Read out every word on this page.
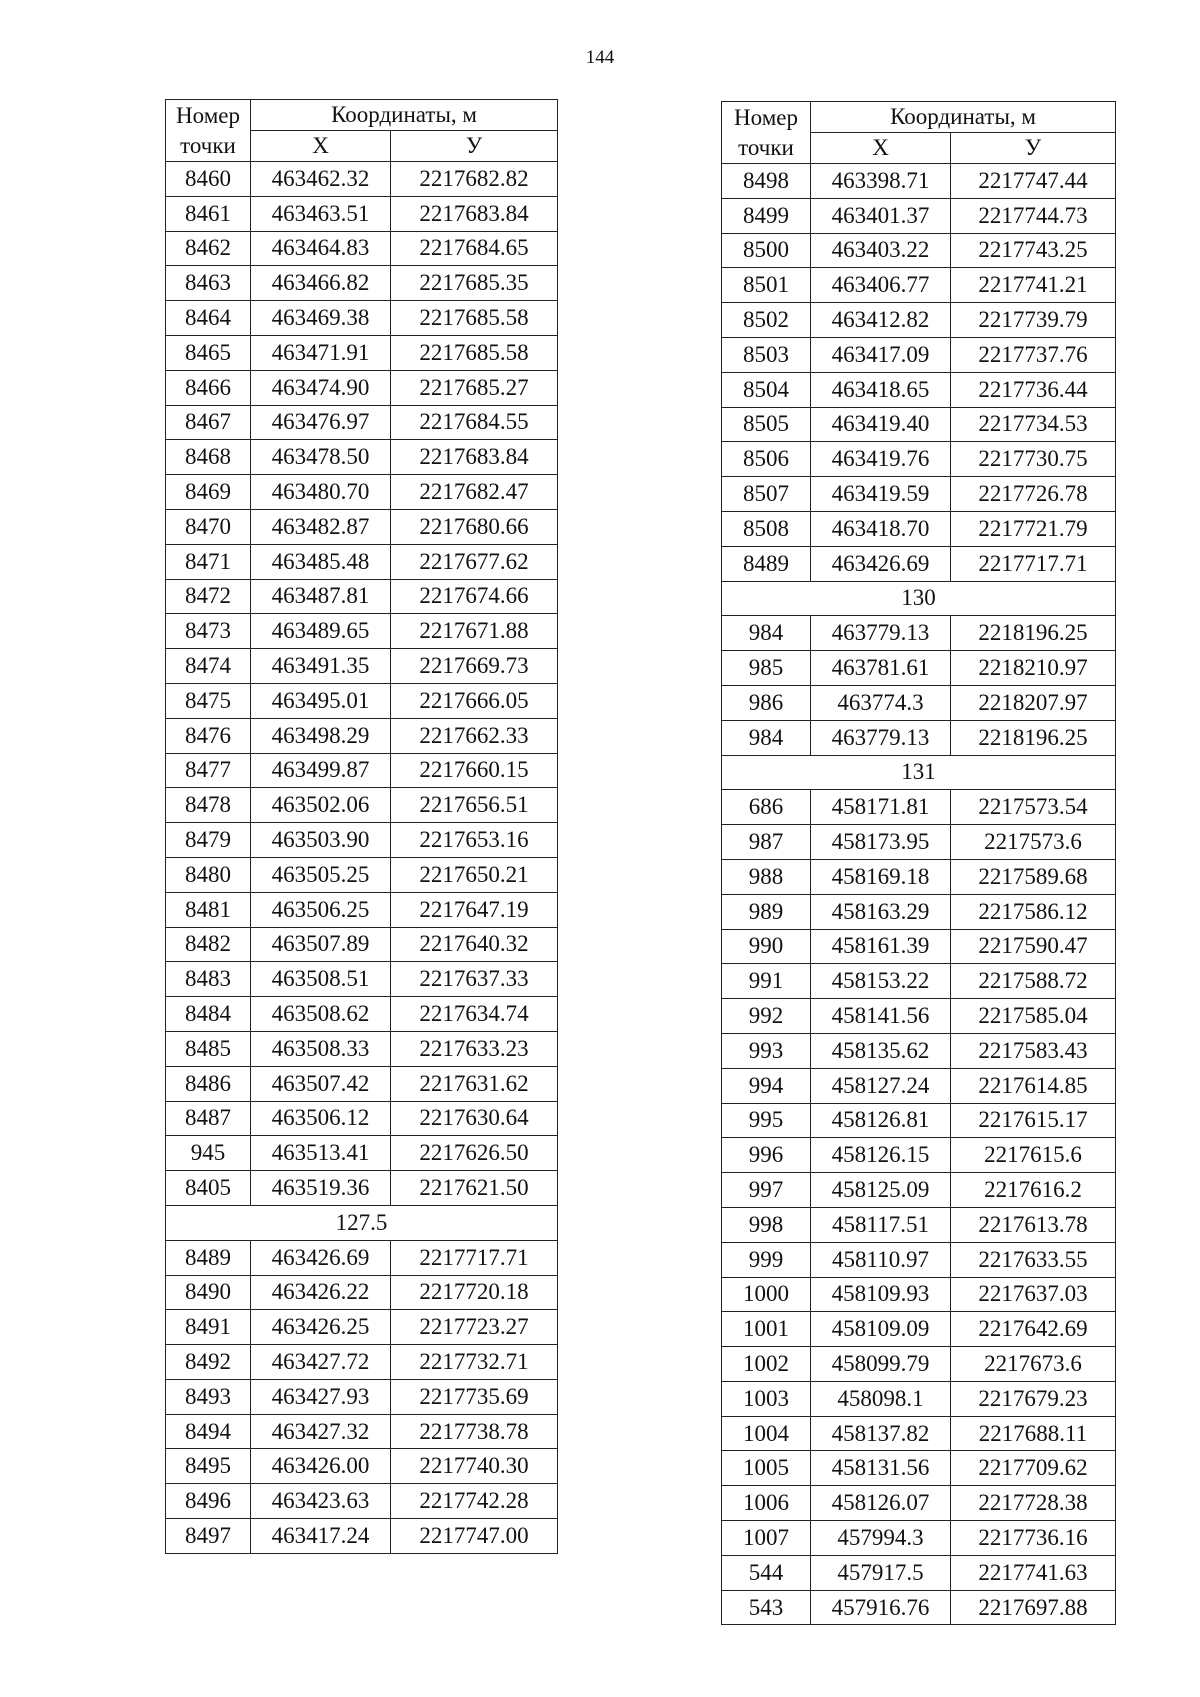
144
Номер
точки	Координаты, м	
	Х	У
8460	463462.32	2217682.82
8461	463463.51	2217683.84
8462	463464.83	2217684.65
8463	463466.82	2217685.35
8464	463469.38	2217685.58
8465	463471.91	2217685.58
8466	463474.90	2217685.27
8467	463476.97	2217684.55
8468	463478.50	2217683.84
8469	463480.70	2217682.47
8470	463482.87	2217680.66
8471	463485.48	2217677.62
8472	463487.81	2217674.66
8473	463489.65	2217671.88
8474	463491.35	2217669.73
8475	463495.01	2217666.05
8476	463498.29	2217662.33
8477	463499.87	2217660.15
8478	463502.06	2217656.51
8479	463503.90	2217653.16
8480	463505.25	2217650.21
8481	463506.25	2217647.19
8482	463507.89	2217640.32
8483	463508.51	2217637.33
8484	463508.62	2217634.74
8485	463508.33	2217633.23
8486	463507.42	2217631.62
8487	463506.12	2217630.64
945	463513.41	2217626.50
8405	463519.36	2217621.50
127.5		
8489	463426.69	2217717.71
8490	463426.22	2217720.18
8491	463426.25	2217723.27
8492	463427.72	2217732.71
8493	463427.93	2217735.69
8494	463427.32	2217738.78
8495	463426.00	2217740.30
8496	463423.63	2217742.28
8497	463417.24	2217747.00
Номер
точки	Координаты, м	
	Х	У
8498	463398.71	2217747.44
8499	463401.37	2217744.73
8500	463403.22	2217743.25
8501	463406.77	2217741.21
8502	463412.82	2217739.79
8503	463417.09	2217737.76
8504	463418.65	2217736.44
8505	463419.40	2217734.53
8506	463419.76	2217730.75
8507	463419.59	2217726.78
8508	463418.70	2217721.79
8489	463426.69	2217717.71
130		
984	463779.13	2218196.25
985	463781.61	2218210.97
986	463774.3	2218207.97
984	463779.13	2218196.25
131		
686	458171.81	2217573.54
987	458173.95	2217573.6
988	458169.18	2217589.68
989	458163.29	2217586.12
990	458161.39	2217590.47
991	458153.22	2217588.72
992	458141.56	2217585.04
993	458135.62	2217583.43
994	458127.24	2217614.85
995	458126.81	2217615.17
996	458126.15	2217615.6
997	458125.09	2217616.2
998	458117.51	2217613.78
999	458110.97	2217633.55
1000	458109.93	2217637.03
1001	458109.09	2217642.69
1002	458099.79	2217673.6
1003	458098.1	2217679.23
1004	458137.82	2217688.11
1005	458131.56	2217709.62
1006	458126.07	2217728.38
1007	457994.3	2217736.16
544	457917.5	2217741.63
543	457916.76	2217697.88
